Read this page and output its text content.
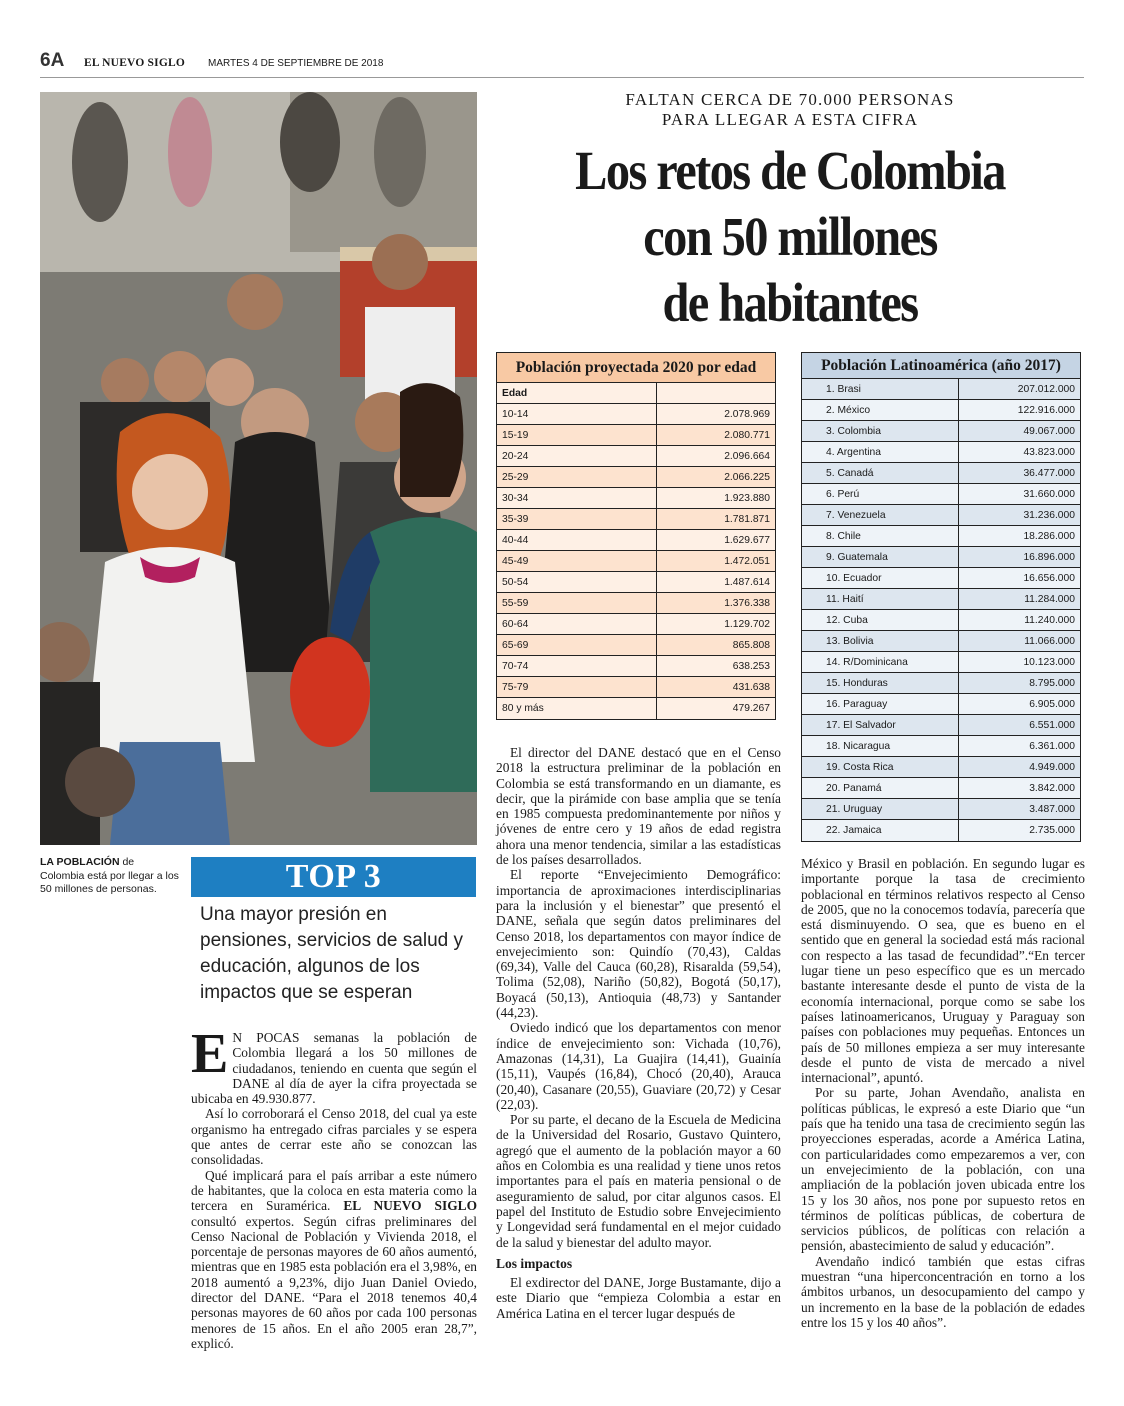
6A EL NUEVO SIGLO MARTES 4 DE SEPTIEMBRE DE 2018
LA POBLACIÓN de Colombia está por llegar a los 50 millones de personas.
FALTAN CERCA DE 70.000 PERSONAS
PARA LLEGAR A ESTA CIFRA
Los retos de Colombia
con 50 millones
de habitantes
Población proyectada 2020 por edad
Edad
10-14	2.078.969
15-19	2.080.771
20-24	2.096.664
25-29	2.066.225
30-34	1.923.880
35-39	1.781.871
40-44	1.629.677
45-49	1.472.051
50-54	1.487.614
55-59	1.376.338
60-64	1.129.702
65-69	865.808
70-74	638.253
75-79	431.638
80 y más	479.267
Población Latinoamérica (año 2017)
1. Brasi	207.012.000
2. México	122.916.000
3. Colombia	49.067.000
4. Argentina	43.823.000
5. Canadá	36.477.000
6. Perú	31.660.000
7. Venezuela	31.236.000
8. Chile	18.286.000
9. Guatemala	16.896.000
10. Ecuador	16.656.000
11. Haití	11.284.000
12. Cuba	11.240.000
13. Bolivia	11.066.000
14. R/Dominicana	10.123.000
15. Honduras	8.795.000
16. Paraguay	6.905.000
17. El Salvador	6.551.000
18. Nicaragua	6.361.000
19. Costa Rica	4.949.000
20. Panamá	3.842.000
21. Uruguay	3.487.000
22. Jamaica	2.735.000
TOP 3
Una mayor presión en pensiones, servicios de salud y educación, algunos de los impactos que se esperan

E N POCAS semanas la población de Colombia llegará a los 50 millones de ciudadanos, teniendo en cuenta que según el DANE al día de ayer la cifra proyectada se ubicaba en 49.930.877.

Así lo corroborará el Censo 2018, del cual ya este organismo ha entregado cifras parciales y se espera que antes de cerrar este año se conozcan las consolidadas.

Qué implicará para el país arribar a este número de habitantes, que la coloca en esta materia como la tercera en Suramérica. EL NUEVO SIGLO consultó expertos. Según cifras preliminares del Censo Nacional de Población y Vivienda 2018, el porcentaje de personas mayores de 60 años aumentó, mientras que en 1985 esta población era el 3,98%, en 2018 aumentó a 9,23%, dijo Juan Daniel Oviedo, director del DANE. “Para el 2018 tenemos 40,4 personas mayores de 60 años por cada 100 personas menores de 15 años. En el año 2005 eran 28,7”, explicó.

El director del DANE destacó que en el Censo 2018 la estructura preliminar de la población en Colombia se está transformando en un diamante, es decir, que la pirámide con base amplia que se tenía en 1985 compuesta predominantemente por niños y jóvenes de entre cero y 19 años de edad registra ahora una menor tendencia, similar a las estadísticas de los países desarrollados.

El reporte “Envejecimiento Demográfico: importancia de aproximaciones interdisciplinarias para la inclusión y el bienestar” que presentó el DANE, señala que según datos preliminares del Censo 2018, los departamentos con mayor índice de envejecimiento son: Quindío (70,43), Caldas (69,34), Valle del Cauca (60,28), Risaralda (59,54), Tolima (52,08), Nariño (50,82), Bogotá (50,17), Boyacá (50,13), Antioquia (48,73) y Santander (44,23).

Oviedo indicó que los departamentos con menor índice de envejecimiento son: Vichada (10,76), Amazonas (14,31), La Guajira (14,41), Guainía (15,11), Vaupés (16,84), Chocó (20,40), Arauca (20,40), Casanare (20,55), Guaviare (20,72) y Cesar (22,03).

Por su parte, el decano de la Escuela de Medicina de la Universidad del Rosario, Gustavo Quintero, agregó que el aumento de la población mayor a 60 años en Colombia es una realidad y tiene unos retos importantes para el país en materia pensional o de aseguramiento de salud, por citar algunos casos. El papel del Instituto de Estudio sobre Envejecimiento y Longevidad será fundamental en el mejor cuidado de la salud y bienestar del adulto mayor.

Los impactos

El exdirector del DANE, Jorge Bustamante, dijo a este Diario que “empieza Colombia a estar en América Latina en el tercer lugar después de

México y Brasil en población. En segundo lugar es importante porque la tasa de crecimiento poblacional en términos relativos respecto al Censo de 2005, que no la conocemos todavía, parecería que está disminuyendo. O sea, que es bueno en el sentido que en general la sociedad está más racional con respecto a las tasad de fecundidad”.“En tercer lugar tiene un peso específico que es un mercado bastante interesante desde el punto de vista de la economía internacional, porque como se sabe los países latinoamericanos, Uruguay y Paraguay son países con poblaciones muy pequeñas. Entonces un país de 50 millones empieza a ser muy interesante desde el punto de vista de mercado a nivel internacional”, apuntó.

Por su parte, Johan Avendaño, analista en políticas públicas, le expresó a este Diario que “un país que ha tenido una tasa de crecimiento según las proyecciones esperadas, acorde a América Latina, con particularidades como empezaremos a ver, con un envejecimiento de la población, con una ampliación de la población joven ubicada entre los 15 y los 30 años, nos pone por supuesto retos en términos de políticas públicas, de cobertura de servicios públicos, de políticas con relación a pensión, abastecimiento de salud y educación”.

Avendaño indicó también que estas cifras muestran “una hiperconcentración en torno a los ámbitos urbanos, un desocupamiento del campo y un incremento en la base de la población de edades entre los 15 y los 40 años”.
